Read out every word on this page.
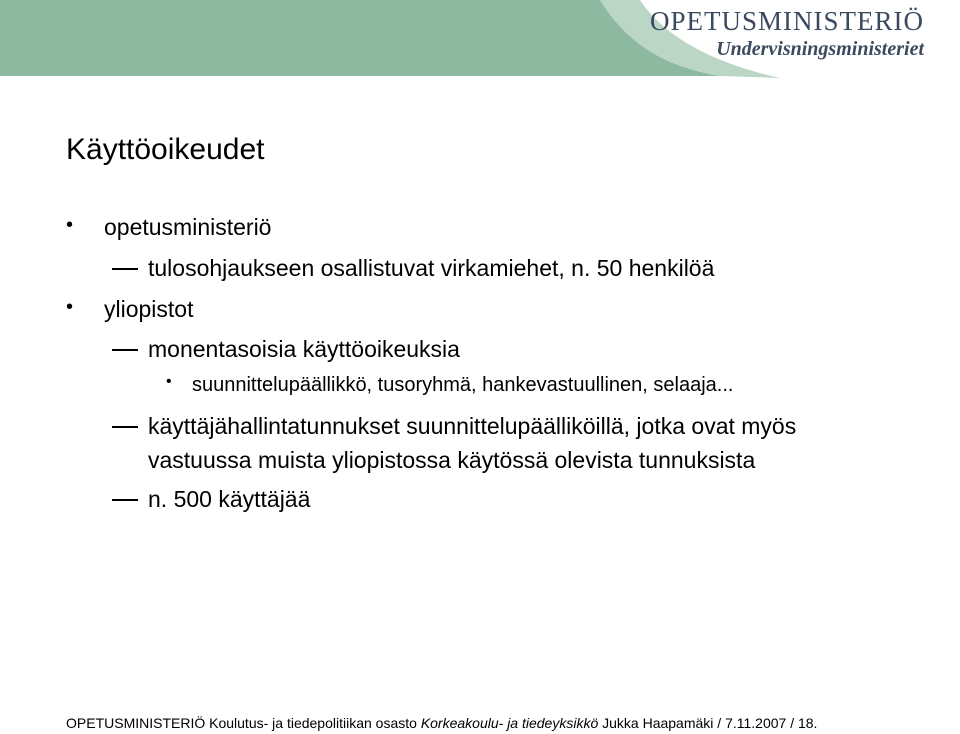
OPETUSMINISTERIÖ
Undervisningsministeriet
Käyttöoikeudet
• opetusministeriö
tulosohjaukseen osallistuvat virkamiehet, n. 50 henkilöä
• yliopistot
monentasoisia käyttöoikeuksia
• suunnittelupäällikkö, tusoryhmä, hankevastuullinen, selaaja...
käyttäjähallintatunnukset suunnittelupäälliköillä, jotka ovat myös
vastuussa muista yliopistossa käytössä olevista tunnuksista
n. 500 käyttäjää
OPETUSMINISTERIÖ Koulutus- ja tiedepolitiikan osasto Korkeakoulu- ja tiedeyksikkö Jukka Haapamäki / 7.11.2007 / 18.
